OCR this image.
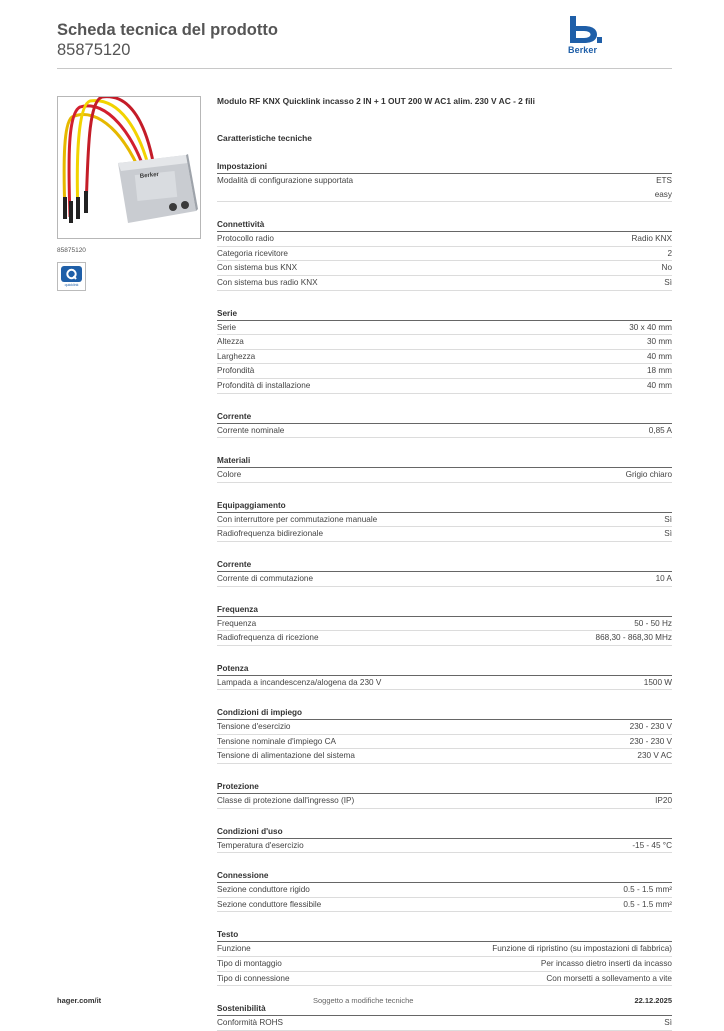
Scheda tecnica del prodotto
85875120	Berker
Berker
85875120
quicklink
Modulo RF KNX Quicklink incasso 2 IN + 1 OUT 200 W AC1 alim. 230 V AC - 2 fili
Caratteristiche tecniche
Impostazioni
Modalità di configurazione supportata	ETS
easy
Connettività
Protocollo radio	Radio KNX
Categoria ricevitore	2
Con sistema bus KNX	No
Con sistema bus radio KNX	Sì
Serie
Serie	30 x 40 mm
Altezza	30 mm
Larghezza	40 mm
Profondità	18 mm
Profondità di installazione	40 mm
Corrente
Corrente nominale	0,85 A
Materiali
Colore	Grigio chiaro
Equipaggiamento
Con interruttore per commutazione manuale	Sì
Radiofrequenza bidirezionale	Sì
Corrente
Corrente di commutazione	10 A
Frequenza
Frequenza	50 - 50 Hz
Radiofrequenza di ricezione	868,30 - 868,30 MHz
Potenza
Lampada a incandescenza/alogena da 230 V	1500 W
Condizioni di impiego
Tensione d'esercizio	230 - 230 V
Tensione nominale d'impiego CA	230 - 230 V
Tensione di alimentazione del sistema	230 V AC
Protezione
Classe di protezione dall'ingresso (IP)	IP20
Condizioni d'uso
Temperatura d'esercizio	-15 - 45 °C
Connessione
Sezione conduttore rigido	0.5 - 1.5 mm²
Sezione conduttore flessibile	0.5 - 1.5 mm²
Testo
Funzione	Funzione di ripristino (su impostazioni di fabbrica)
Tipo di montaggio	Per incasso dietro inserti da incasso
Tipo di connessione	Con morsetti a sollevamento a vite
Sostenibilità
Conformità ROHS	Sì
hager.com/it	Soggetto a modifiche tecniche	22.12.2025
